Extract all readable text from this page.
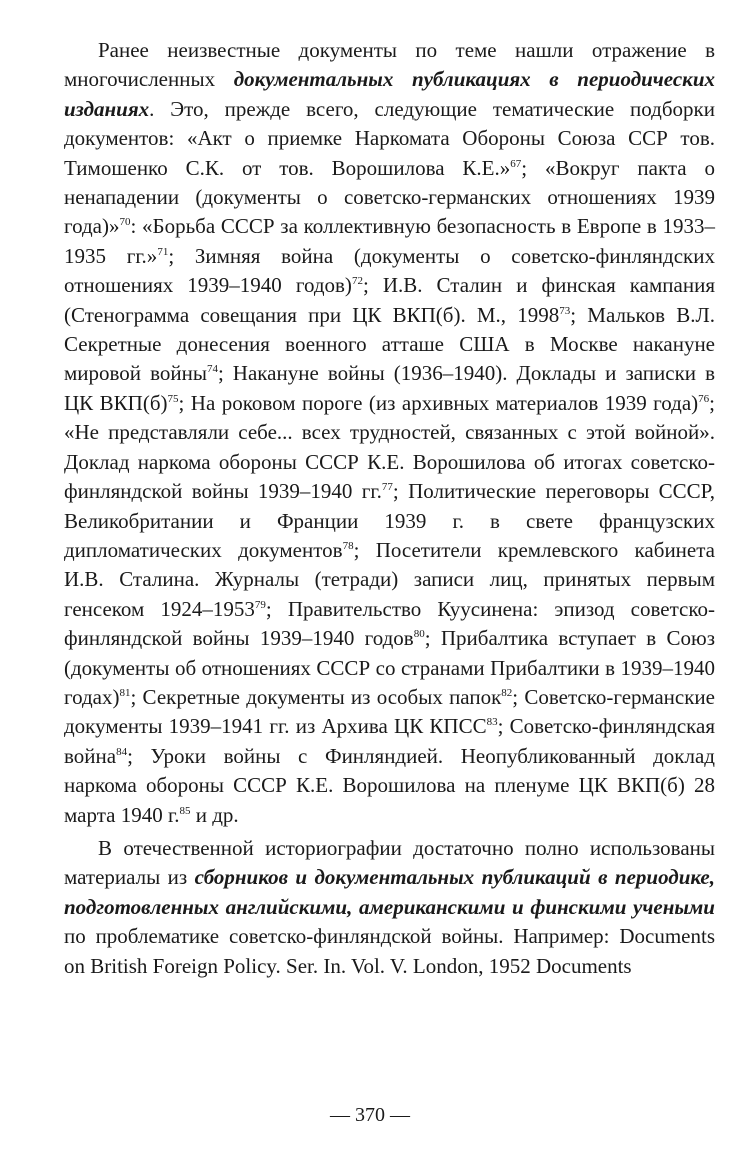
Ранее неизвестные документы по теме нашли отражение в многочисленных документальных публикациях в периодических изданиях. Это, прежде всего, следующие тематические подборки документов: «Акт о приемке Наркомата Обороны Союза ССР тов. Тимошенко С.К. от тов. Ворошилова К.Е.»$^{67}$; «Вокруг пакта о ненападении (документы о советско-германских отношениях 1939 года)»$^{70}$: «Борьба СССР за коллективную безопасность в Европе в 1933–1935 гг.»$^{71}$; Зимняя война (документы о советско-финляндских отношениях 1939–1940 годов)$^{72}$; И.В. Сталин и финская кампания (Стенограмма совещания при ЦК ВКП(б). М., 1998$^{73}$; Мальков В.Л. Секретные донесения военного атташе США в Москве накануне мировой войны$^{74}$; Накануне войны (1936–1940). Доклады и записки в ЦК $ВКП(б)^{75}$; На роковом пороге (из архивных материалов 1939 года)$^{76}$; «Не представляли себе... всех трудностей, связанных с этой войной». Доклад наркома обороны СССР К.Е. Ворошилова об итогах советско-финляндской войны 1939–1940 гг.$^{77}$; Политические переговоры СССР, Великобритании и Франции 1939 г. в свете французских дипломатических документов$^{78}$; Посетители кремлевского кабинета И.В. Сталина. Журналы (тетради) записи лиц, принятых первым генсеком 1924–1953$^{79}$; Правительство Куусинена: эпизод советско-финляндской войны 1939–1940 годов$^{80}$; Прибалтика вступает в Союз (документы об отношениях СССР со странами Прибалтики в 1939–1940 годах)$^{81}$; Секретные документы из особых папок$^{82}$; Советско-германские документы 1939–1941 гг. из Архива ЦК КПСС$^{83}$; Советско-финляндская война$^{84}$; Уроки войны с Финляндией. Неопубликованный доклад наркома обороны СССР К.Е. Ворошилова на пленуме ЦК ВКП(б) 28 марта 1940 г.$^{85}$ и др.

В отечественной историографии достаточно полно использованы материалы из сборников и документальных публикаций в периодике, подготовленных английскими, американскими и финскими учеными по проблематике советско-финляндской войны. Например: Documents on British Foreign Policy. Ser. In. Vol. V. London, 1952 Documents

— 370 —
